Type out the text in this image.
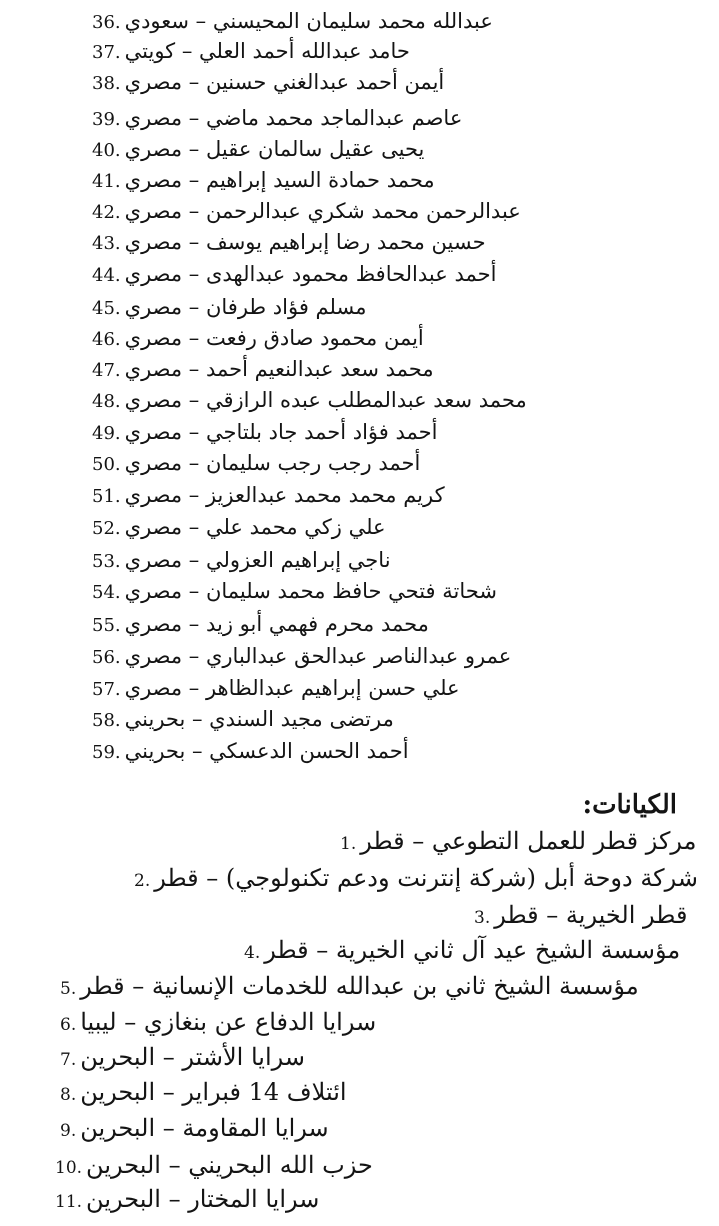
36. عبدالله محمد سليمان المحيسني – سعودي
37. حامد عبدالله أحمد العلي – كويتي
38. أيمن أحمد عبدالغني حسنين – مصري
39. عاصم عبدالماجد محمد ماضي – مصري
40. يحيى عقيل سالمان عقيل – مصري
41. محمد حمادة السيد إبراهيم – مصري
42. عبدالرحمن محمد شكري عبدالرحمن – مصري
43. حسين محمد رضا إبراهيم يوسف – مصري
44. أحمد عبدالحافظ محمود عبدالهدى – مصري
45. مسلم فؤاد طرفان – مصري
46. أيمن محمود صادق رفعت – مصري
47. محمد سعد عبدالنعيم أحمد – مصري
48. محمد سعد عبدالمطلب عبده الرازقي – مصري
49. أحمد فؤاد أحمد جاد بلتاجي – مصري
50. أحمد رجب رجب سليمان – مصري
51. كريم محمد محمد عبدالعزيز – مصري
52. علي زكي محمد علي – مصري
53. ناجي إبراهيم العزولي – مصري
54. شحاتة فتحي حافظ محمد سليمان – مصري
55. محمد محرم فهمي أبو زيد – مصري
56. عمرو عبدالناصر عبدالحق عبدالباري – مصري
57. علي حسن إبراهيم عبدالظاهر – مصري
58. مرتضى مجيد السندي – بحريني
59. أحمد الحسن الدعسكي – بحريني
الكيانات:
1. مركز قطر للعمل التطوعي – قطر
2. شركة دوحة أبل (شركة إنترنت ودعم تكنولوجي) – قطر
3. قطر الخيرية – قطر
4. مؤسسة الشيخ عيد آل ثاني الخيرية – قطر
5. مؤسسة الشيخ ثاني بن عبدالله للخدمات الإنسانية – قطر
6. سرايا الدفاع عن بنغازي – ليبيا
7. سرايا الأشتر – البحرين
8. ائتلاف 14 فبراير – البحرين
9. سرايا المقاومة – البحرين
10. حزب الله البحريني – البحرين
11. سرايا المختار – البحرين
